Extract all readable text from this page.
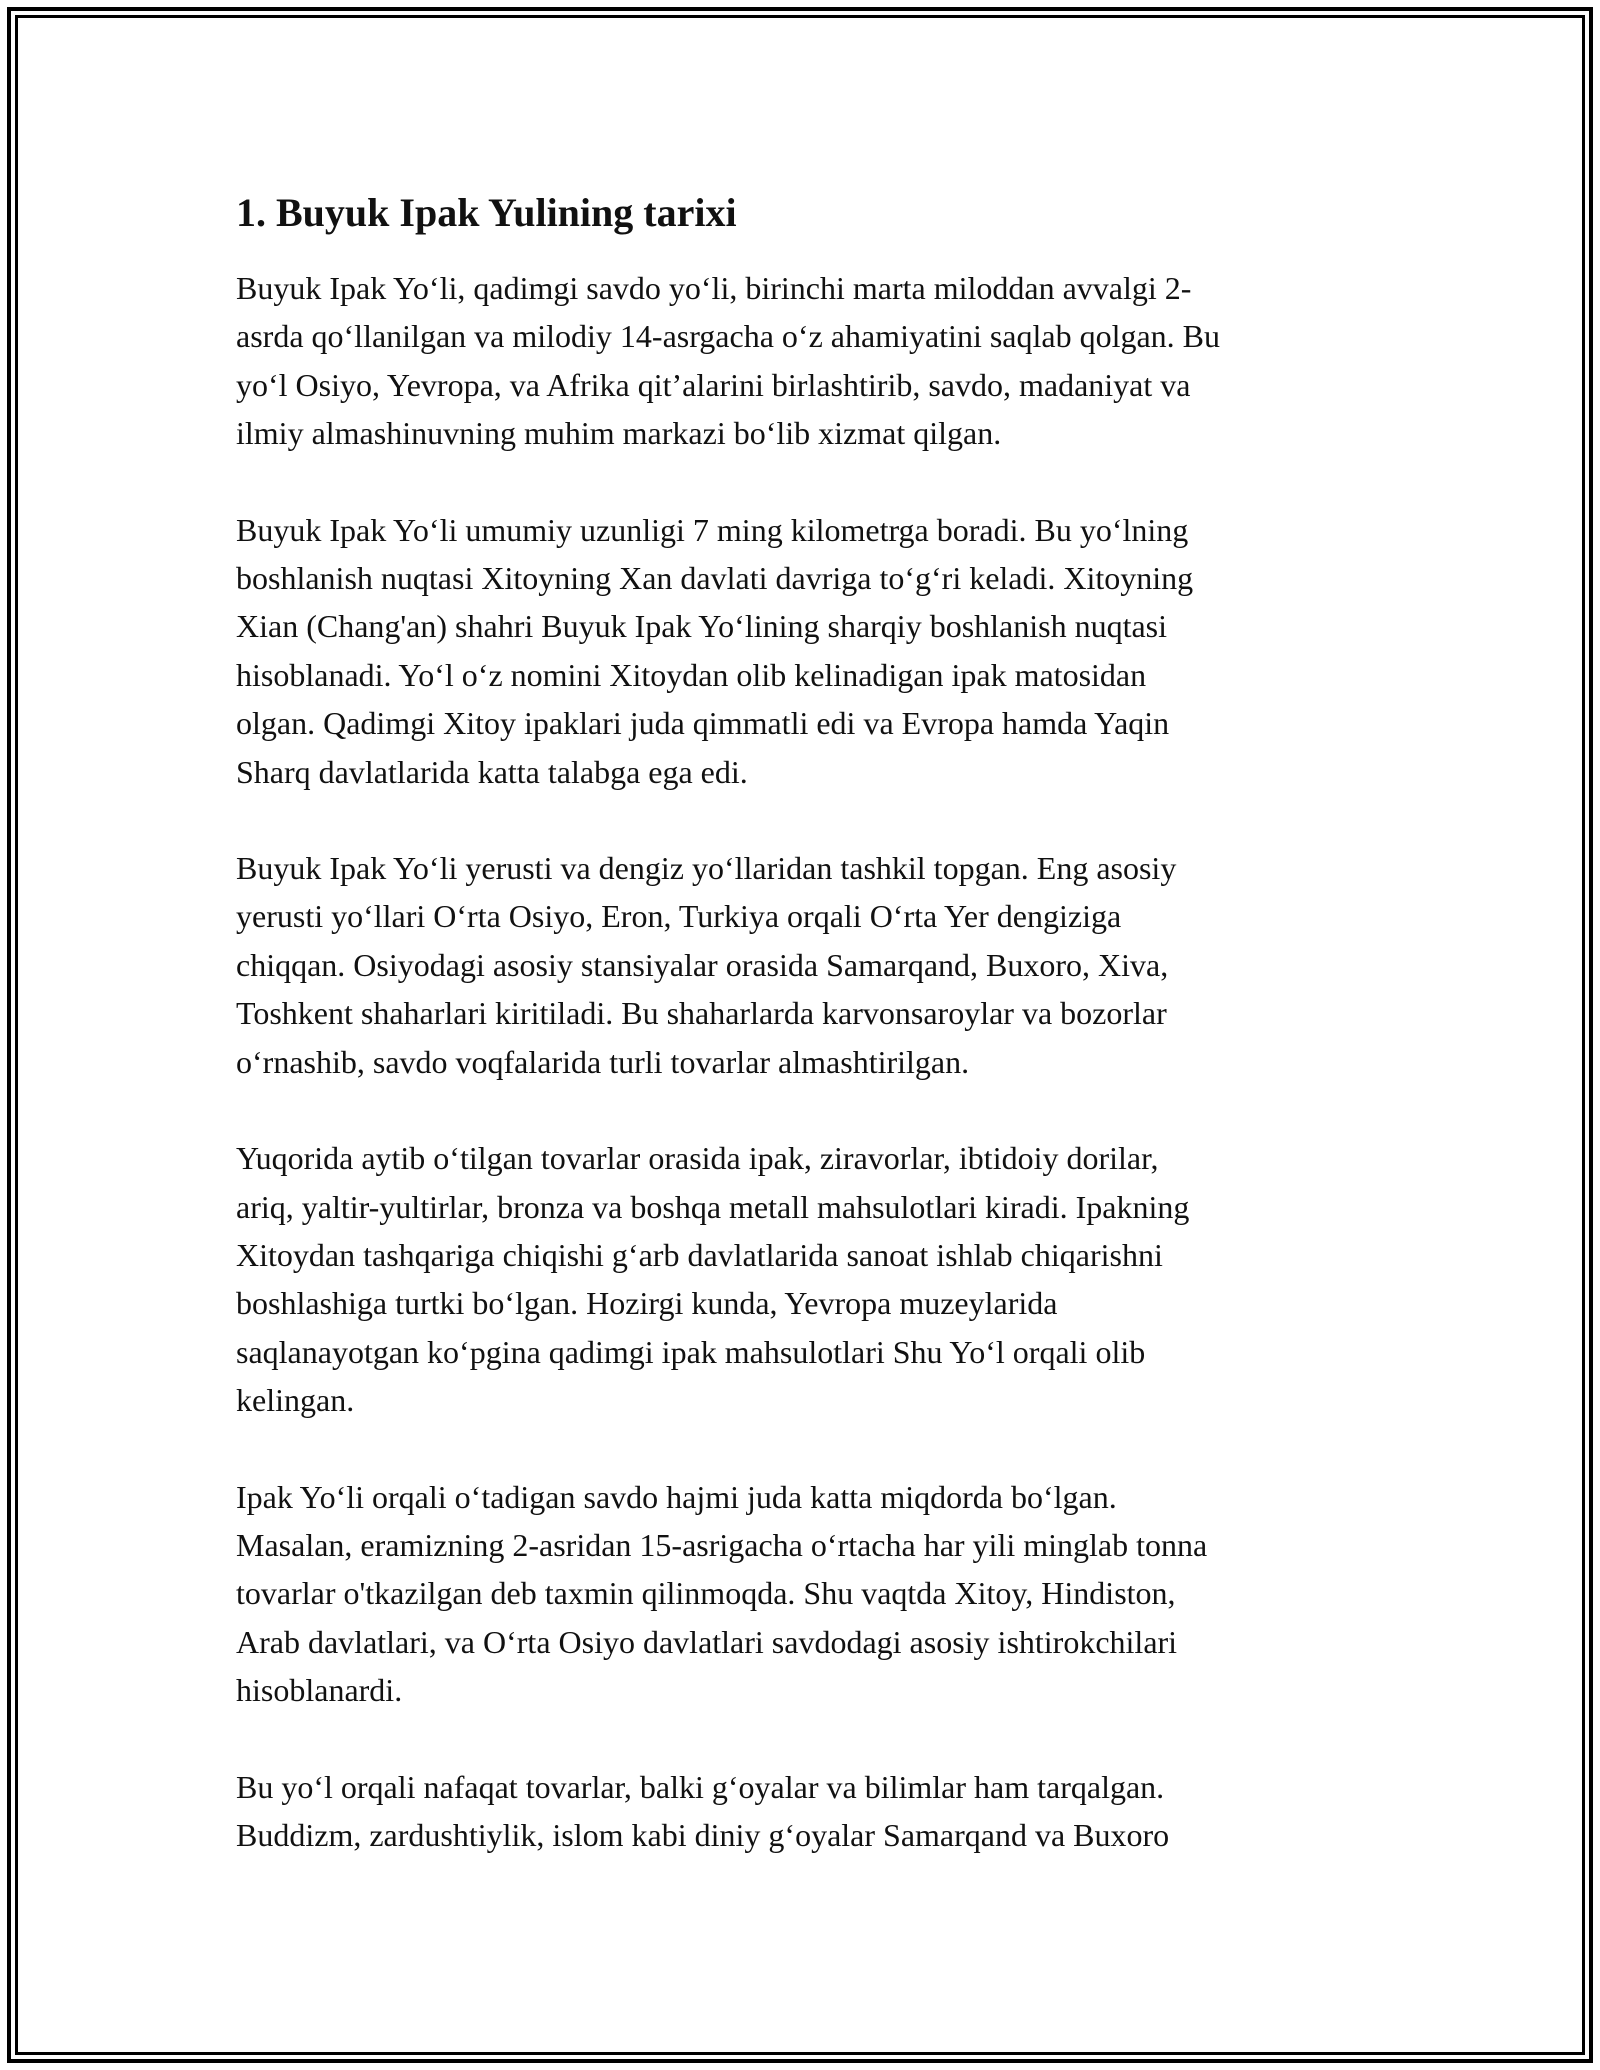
1. Buyuk Ipak Yulining tarixi

Buyuk Ipak Yo‘li, qadimgi savdo yo‘li, birinchi marta miloddan avvalgi 2-
asrda qo‘llanilgan va milodiy 14-asrgacha o‘z ahamiyatini saqlab qolgan. Bu
yo‘l Osiyo, Yevropa, va Afrika qit’alarini birlashtirib, savdo, madaniyat va
ilmiy almashinuvning muhim markazi bo‘lib xizmat qilgan.

Buyuk Ipak Yo‘li umumiy uzunligi 7 ming kilometrga boradi. Bu yo‘lning
boshlanish nuqtasi Xitoyning Xan davlati davriga to‘g‘ri keladi. Xitoyning
Xian (Chang'an) shahri Buyuk Ipak Yo‘lining sharqiy boshlanish nuqtasi
hisoblanadi. Yo‘l o‘z nomini Xitoydan olib kelinadigan ipak matosidan
olgan. Qadimgi Xitoy ipaklari juda qimmatli edi va Evropa hamda Yaqin
Sharq davlatlarida katta talabga ega edi.

Buyuk Ipak Yo‘li yerusti va dengiz yo‘llaridan tashkil topgan. Eng asosiy
yerusti yo‘llari O‘rta Osiyo, Eron, Turkiya orqali O‘rta Yer dengiziga
chiqqan. Osiyodagi asosiy stansiyalar orasida Samarqand, Buxoro, Xiva,
Toshkent shaharlari kiritiladi. Bu shaharlarda karvonsaroylar va bozorlar
o‘rnashib, savdo voqfalarida turli tovarlar almashtirilgan.

Yuqorida aytib o‘tilgan tovarlar orasida ipak, ziravorlar, ibtidoiy dorilar,
ariq, yaltir-yultirlar, bronza va boshqa metall mahsulotlari kiradi. Ipakning
Xitoydan tashqariga chiqishi g‘arb davlatlarida sanoat ishlab chiqarishni
boshlashiga turtki bo‘lgan. Hozirgi kunda, Yevropa muzeylarida
saqlanayotgan ko‘pgina qadimgi ipak mahsulotlari Shu Yo‘l orqali olib
kelingan.

Ipak Yo‘li orqali o‘tadigan savdo hajmi juda katta miqdorda bo‘lgan.
Masalan, eramizning 2-asridan 15-asrigacha o‘rtacha har yili minglab tonna
tovarlar o'tkazilgan deb taxmin qilinmoqda. Shu vaqtda Xitoy, Hindiston,
Arab davlatlari, va O‘rta Osiyo davlatlari savdodagi asosiy ishtirokchilari
hisoblanardi.

Bu yo‘l orqali nafaqat tovarlar, balki g‘oyalar va bilimlar ham tarqalgan.
Buddizm, zardushtiylik, islom kabi diniy g‘oyalar Samarqand va Buxoro
